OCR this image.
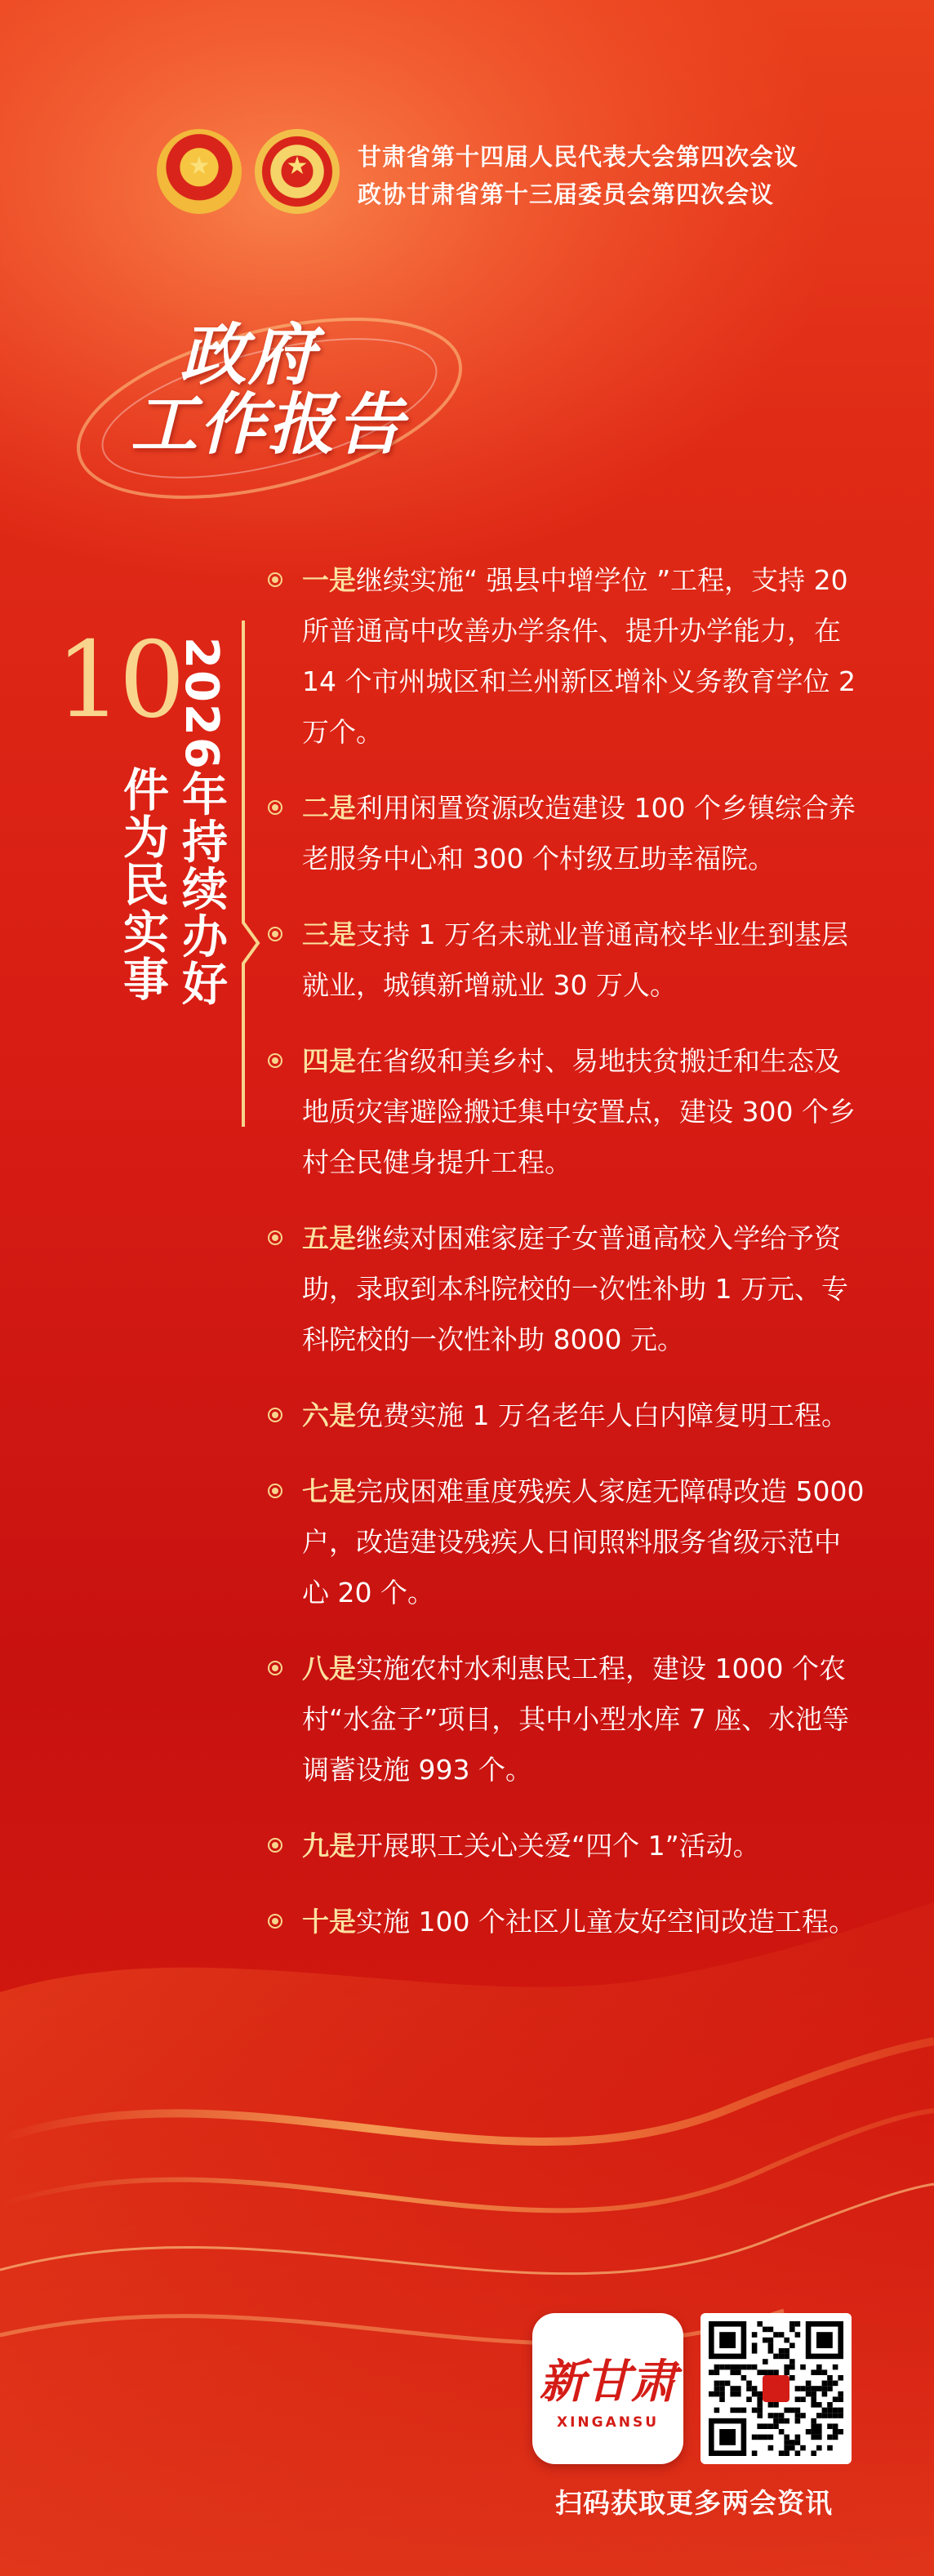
★	★ 甘肃省第十四届人民代表大会第四次会议
政协甘肃省第十三届委员会第四次会议
政府
工作报告
10
2026年持续办好
件为民实事
一是继续实施“ 强县中增学位 ”工程，支持 20 所普通高中改善办学条件、提升办学能力，在 14 个市州城区和兰州新区增补义务教育学位 2 万个。
二是利用闲置资源改造建设 100 个乡镇综合养老服务中心和 300 个村级互助幸福院。
三是支持 1 万名未就业普通高校毕业生到基层就业，城镇新增就业 30 万人。
四是在省级和美乡村、易地扶贫搬迁和生态及地质灾害避险搬迁集中安置点，建设 300 个乡村全民健身提升工程。
五是继续对困难家庭子女普通高校入学给予资助，录取到本科院校的一次性补助 1 万元、专科院校的一次性补助 8000 元。
六是免费实施 1 万名老年人白内障复明工程。
七是完成困难重度残疾人家庭无障碍改造 5000 户，改造建设残疾人日间照料服务省级示范中心 20 个。
八是实施农村水利惠民工程，建设 1000 个农村“水盆子”项目，其中小型水库 7 座、水池等调蓄设施 993 个。
九是开展职工关心关爱“四个 1”活动。
十是实施 100 个社区儿童友好空间改造工程。
新甘肃
XINGANSU
扫码获取更多两会资讯
